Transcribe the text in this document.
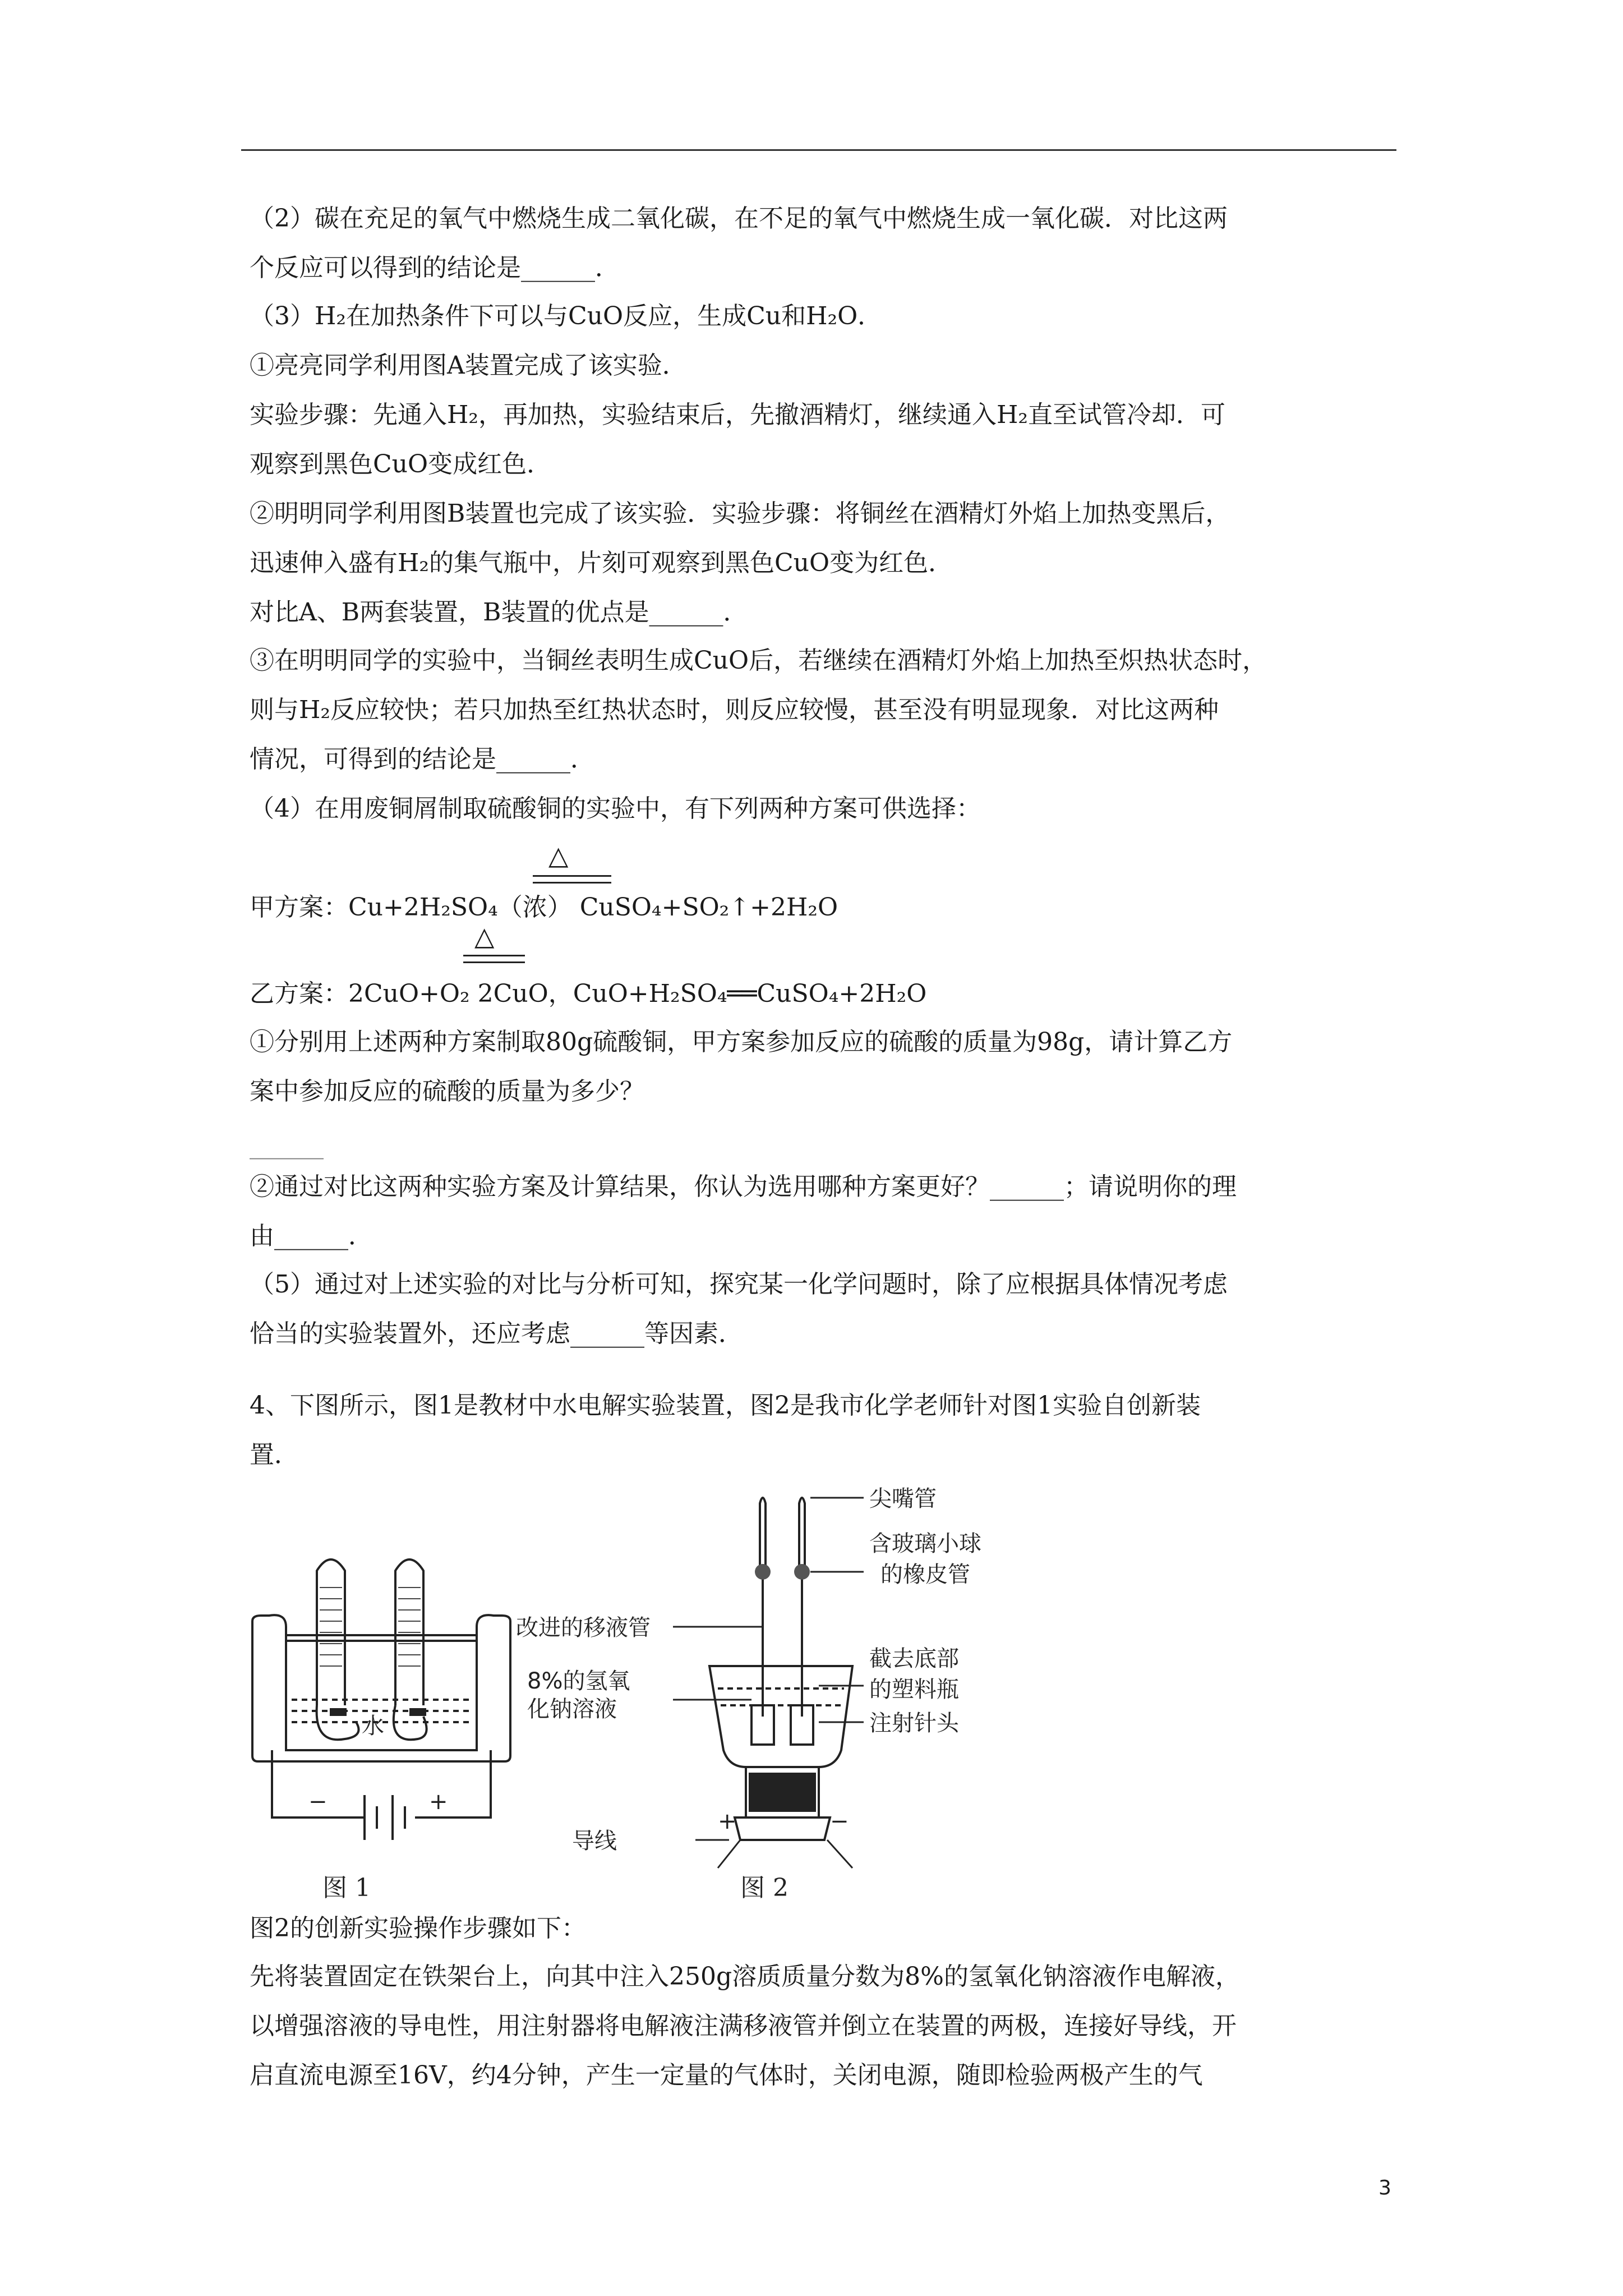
（2）碳在充足的氧气中燃烧生成二氧化碳，在不足的氧气中燃烧生成一氧化碳．对比这两
个反应可以得到的结论是______．
（3）H₂在加热条件下可以与CuO反应，生成Cu和H₂O．
①亮亮同学利用图A装置完成了该实验．
实验步骤：先通入H₂，再加热，实验结束后，先撤酒精灯，继续通入H₂直至试管冷却．可
观察到黑色CuO变成红色．
②明明同学利用图B装置也完成了该实验．实验步骤：将铜丝在酒精灯外焰上加热变黑后，
迅速伸入盛有H₂的集气瓶中，片刻可观察到黑色CuO变为红色．
对比A、B两套装置，B装置的优点是______．
③在明明同学的实验中，当铜丝表明生成CuO后，若继续在酒精灯外焰上加热至炽热状态时，
则与H₂反应较快；若只加热至红热状态时，则反应较慢，甚至没有明显现象．对比这两种
情况，可得到的结论是______．
（4）在用废铜屑制取硫酸铜的实验中，有下列两种方案可供选择：
△
甲方案：Cu+2H₂SO₄（浓） CuSO₄+SO₂↑+2H₂O
△
乙方案：2CuO+O₂ 2CuO，CuO+H₂SO₄══CuSO₄+2H₂O
①分别用上述两种方案制取80g硫酸铜，甲方案参加反应的硫酸的质量为98g，请计算乙方
案中参加反应的硫酸的质量为多少？
______
②通过对比这两种实验方案及计算结果，你认为选用哪种方案更好？______；请说明你的理
由______．
（5）通过对上述实验的对比与分析可知，探究某一化学问题时，除了应根据具体情况考虑
恰当的实验装置外，还应考虑______等因素．
4、下图所示，图1是教材中水电解实验装置，图2是我市化学老师针对图1实验自创新装
置．
水
−	+
图 1
尖嘴管
含玻璃小球
的橡皮管
改进的移液管
8%的氢氧
化钠溶液
截去底部
的塑料瓶
注射针头
导线
+	−
图 2
图2的创新实验操作步骤如下：
先将装置固定在铁架台上，向其中注入250g溶质质量分数为8%的氢氧化钠溶液作电解液，
以增强溶液的导电性，用注射器将电解液注满移液管并倒立在装置的两极，连接好导线，开
启直流电源至16V，约4分钟，产生一定量的气体时，关闭电源，随即检验两极产生的气
3
